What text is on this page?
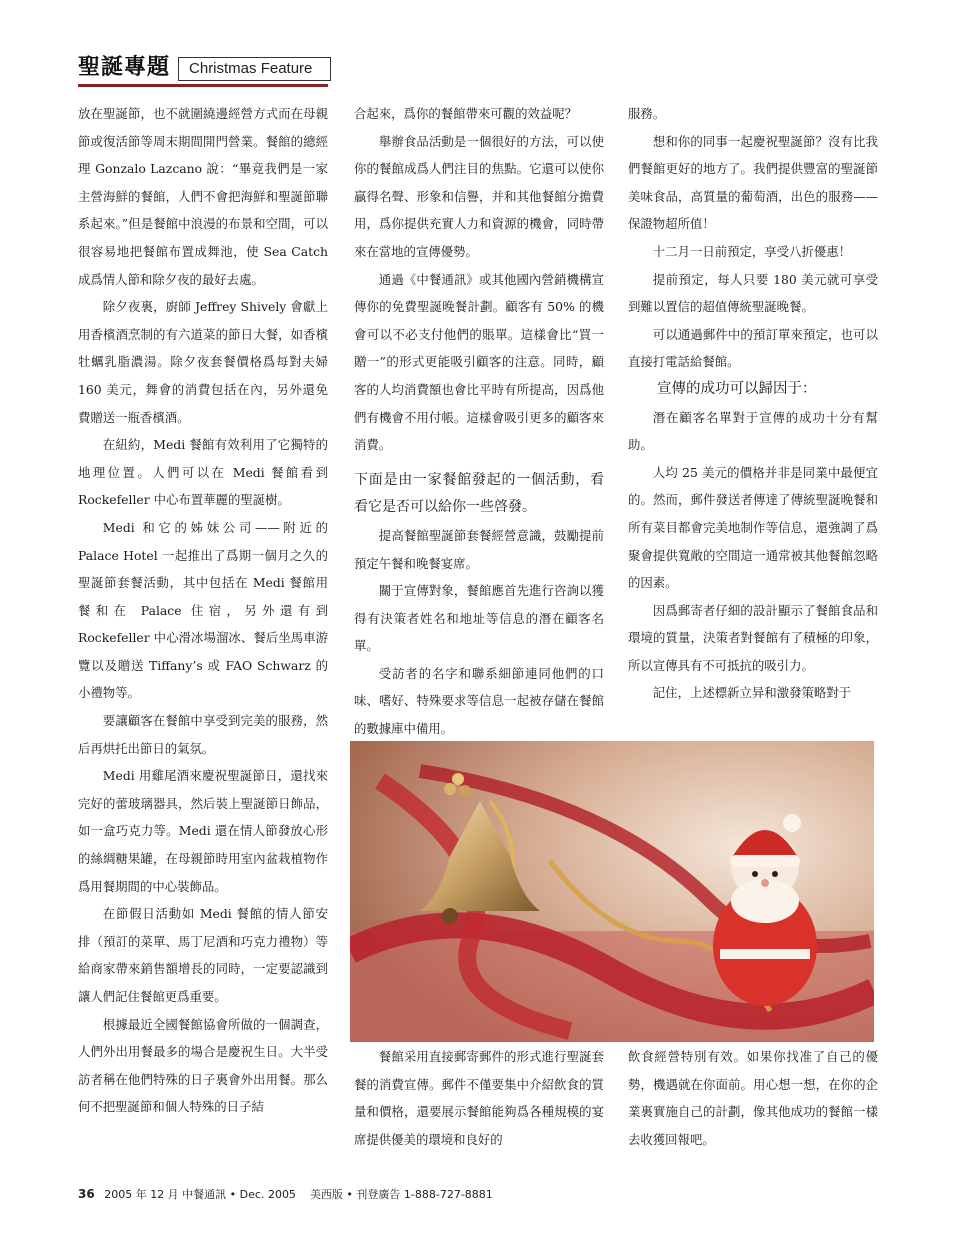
聖誕專題	Christmas Feature

放在聖誕節，也不就圍繞邊經營方式而在母親節或復活節等周末期間開門營業。餐館的總經理 Gonzalo Lazcano 說：“畢竟我們是一家主營海鮮的餐館，人們不會把海鮮和聖誕節聯系起來。”但是餐館中浪漫的布景和空間，可以很容易地把餐館布置成舞池，使 Sea Catch 成爲情人節和除夕夜的最好去處。

除夕夜裏，廚師 Jeffrey Shively 會獻上用香檳酒烹制的有六道菜的節日大餐，如香檳牡蠣乳脂濃湯。除夕夜套餐價格爲每對夫婦 160 美元，舞會的消費包括在內，另外還免費贈送一瓶香檳酒。

在紐約，Medi 餐館有效利用了它獨特的地理位置。人們可以在 Medi 餐館看到 Rockefeller 中心布置華麗的聖誕樹。

Medi 和它的姊妹公司——附近的 Palace Hotel 一起推出了爲期一個月之久的聖誕節套餐活動，其中包括在 Medi 餐館用餐和在 Palace 住宿，另外還有到 Rockefeller 中心滑冰場溜冰、餐后坐馬車游覽以及贈送 Tiffany’s 或 FAO Schwarz 的小禮物等。

要讓顧客在餐館中享受到完美的服務，然后再烘托出節日的氣氛。

Medi 用雞尾酒來慶祝聖誕節日，還找來完好的蕾玻璃器具，然后裝上聖誕節日飾品，如一盒巧克力等。Medi 還在情人節發放心形的絲綢糖果罐，在母親節時用室內盆栽植物作爲用餐期間的中心裝飾品。

在節假日活動如 Medi 餐館的情人節安排（預訂的菜單、馬丁尼酒和巧克力禮物）等給商家帶來銷售額增長的同時，一定要認識到讓人們記住餐館更爲重要。

根據最近全國餐館協會所做的一個調查，人們外出用餐最多的場合是慶祝生日。大半受訪者稱在他們特殊的日子裏會外出用餐。那么何不把聖誕節和個人特殊的日子結

合起來，爲你的餐館帶來可觀的效益呢？

舉辦食品活動是一個很好的方法，可以使你的餐館成爲人們注目的焦點。它還可以使你贏得名聲、形象和信譽，并和其他餐館分擔費用，爲你提供充實人力和資源的機會，同時帶來在當地的宣傳優勢。

通過《中餐通訊》或其他國內營銷機構宣傳你的免費聖誕晚餐計劃。顧客有 50% 的機會可以不必支付他們的賬單。這樣會比“買一贈一”的形式更能吸引顧客的注意。同時，顧客的人均消費額也會比平時有所提高，因爲他們有機會不用付帳。這樣會吸引更多的顧客來消費。

下面是由一家餐館發起的一個活動，看看它是否可以給你一些啓發。

提高餐館聖誕節套餐經營意識，鼓勵提前預定午餐和晚餐宴席。

關于宣傳對象，餐館應首先進行咨詢以獲得有決策者姓名和地址等信息的潛在顧客名單。

受訪者的名字和聯系細節連同他們的口味、嗜好、特殊要求等信息一起被存儲在餐館的數據庫中備用。

餐館采用直接郵寄郵件的形式進行聖誕套餐的消費宣傳。郵件不僅要集中介紹飲食的質量和價格，還要展示餐館能夠爲各種規模的宴席提供優美的環境和良好的

服務。

想和你的同事一起慶祝聖誕節？沒有比我們餐館更好的地方了。我們提供豐富的聖誕節美味食品，高質量的葡萄酒，出色的服務——保證物超所值！

十二月一日前預定，享受八折優惠！

提前預定，每人只要 180 美元就可享受到難以置信的超值傳統聖誕晚餐。

可以通過郵件中的預訂單來預定，也可以直接打電話給餐館。

宣傳的成功可以歸因于：

潛在顧客名單對于宣傳的成功十分有幫助。

人均 25 美元的價格并非是同業中最便宜的。然而，郵件發送者傳達了傳統聖誕晚餐和所有菜目都會完美地制作等信息，還強調了爲聚會提供寬敞的空間這一通常被其他餐館忽略的因素。

因爲郵寄者仔細的設計顯示了餐館食品和環境的質量，決策者對餐館有了積極的印象，所以宣傳具有不可抵抗的吸引力。

記住，上述標新立异和激發策略對于

飲食經營特別有效。如果你找准了自己的優勢，機遇就在你面前。用心想一想，在你的企業裏實施自己的計劃，像其他成功的餐館一樣去收獲回報吧。

36 2005 年 12 月 中餐通訊 • Dec. 2005 美西版 • 刊登廣告 1-888-727-8881
